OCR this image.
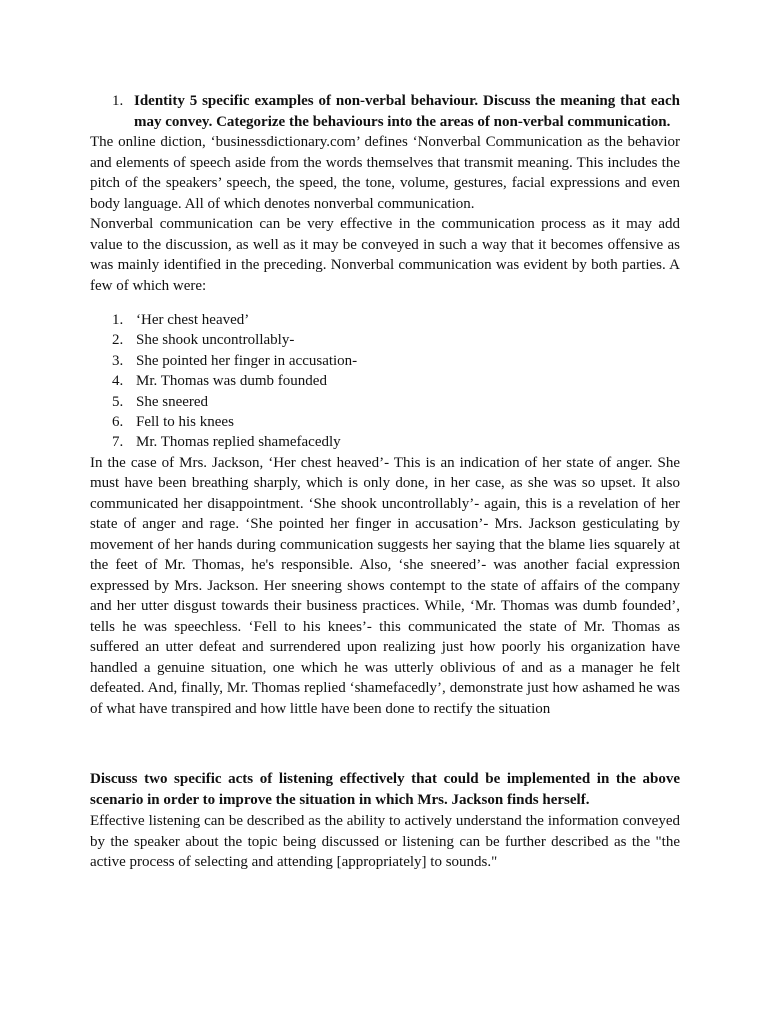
1. Identity 5 specific examples of non-verbal behaviour. Discuss the meaning that each may convey. Categorize the behaviours into the areas of non-verbal communication.

The online diction, ‘businessdictionary.com’ defines ‘Nonverbal Communication as the behavior and elements of speech aside from the words themselves that transmit meaning. This includes the pitch of the speakers’ speech, the speed, the tone, volume, gestures, facial expressions and even body language. All of which denotes nonverbal communication.

Nonverbal communication can be very effective in the communication process as it may add value to the discussion, as well as it may be conveyed in such a way that it becomes offensive as was mainly identified in the preceding. Nonverbal communication was evident by both parties. A few of which were:

1. ‘Her chest heaved’
2. She shook uncontrollably-
3. She pointed her finger in accusation-
4. Mr. Thomas was dumb founded
5. She sneered
6. Fell to his knees
7. Mr. Thomas replied shamefacedly

In the case of Mrs. Jackson, ‘Her chest heaved’- This is an indication of her state of anger. She must have been breathing sharply, which is only done, in her case, as she was so upset. It also communicated her disappointment. ‘She shook uncontrollably’- again, this is a revelation of her state of anger and rage. ‘She pointed her finger in accusation’- Mrs. Jackson gesticulating by movement of her hands during communication suggests her saying that the blame lies squarely at the feet of Mr. Thomas, he's responsible. Also, ‘she sneered’- was another facial expression expressed by Mrs. Jackson. Her sneering shows contempt to the state of affairs of the company and her utter disgust towards their business practices. While, ‘Mr. Thomas was dumb founded’, tells he was speechless. ‘Fell to his knees’- this communicated the state of Mr. Thomas as suffered an utter defeat and surrendered upon realizing just how poorly his organization have handled a genuine situation, one which he was utterly oblivious of and as a manager he felt defeated. And, finally, Mr. Thomas replied ‘shamefacedly’, demonstrate just how ashamed he was of what have transpired and how little have been done to rectify the situation

Discuss two specific acts of listening effectively that could be implemented in the above scenario in order to improve the situation in which Mrs. Jackson finds herself.

Effective listening can be described as the ability to actively understand the information conveyed by the speaker about the topic being discussed or listening can be further described as the "the active process of selecting and attending [appropriately] to sounds."
